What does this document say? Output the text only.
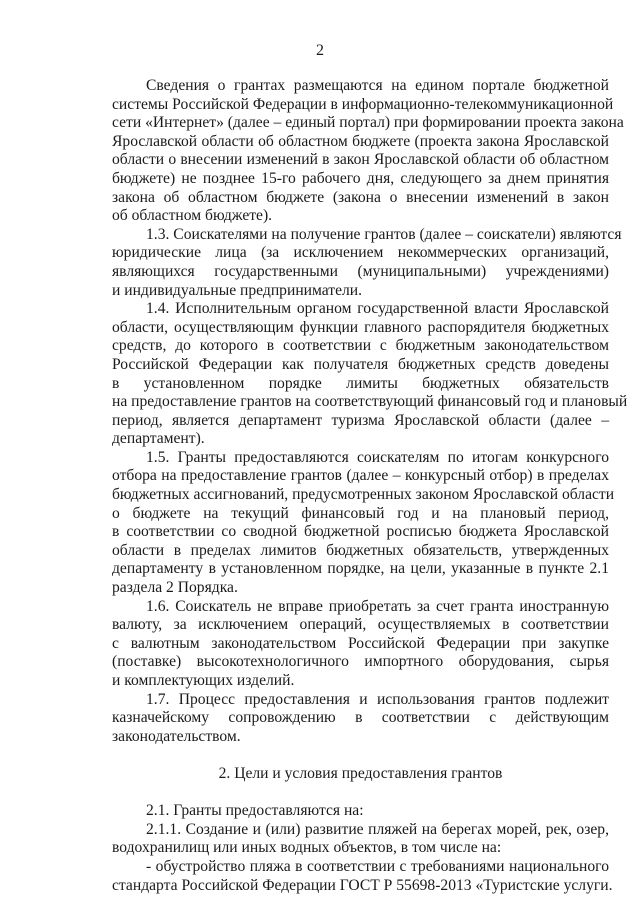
2
Сведения о грантах размещаются на едином портале бюджетной
системы Российской Федерации в информационно-телекоммуникационной
сети «Интернет» (далее – единый портал) при формировании проекта закона
Ярославской области об областном бюджете (проекта закона Ярославской
области о внесении изменений в закон Ярославской области об областном
бюджете) не позднее 15-го рабочего дня, следующего за днем принятия
закона об областном бюджете (закона о внесении изменений в закон
об областном бюджете).
1.3. Соискателями на получение грантов (далее – соискатели) являются
юридические лица (за исключением некоммерческих организаций,
являющихся государственными (муниципальными) учреждениями)
и индивидуальные предприниматели.
1.4. Исполнительным органом государственной власти Ярославской
области, осуществляющим функции главного распорядителя бюджетных
средств, до которого в соответствии с бюджетным законодательством
Российской Федерации как получателя бюджетных средств доведены
в установленном порядке лимиты бюджетных обязательств
на предоставление грантов на соответствующий финансовый год и плановый
период, является департамент туризма Ярославской области (далее –
департамент).
1.5. Гранты предоставляются соискателям по итогам конкурсного
отбора на предоставление грантов (далее – конкурсный отбор) в пределах
бюджетных ассигнований, предусмотренных законом Ярославской области
о бюджете на текущий финансовый год и на плановый период,
в соответствии со сводной бюджетной росписью бюджета Ярославской
области в пределах лимитов бюджетных обязательств, утвержденных
департаменту в установленном порядке, на цели, указанные в пункте 2.1
раздела 2 Порядка.
1.6. Соискатель не вправе приобретать за счет гранта иностранную
валюту, за исключением операций, осуществляемых в соответствии
с валютным законодательством Российской Федерации при закупке
(поставке) высокотехнологичного импортного оборудования, сырья
и комплектующих изделий.
1.7. Процесс предоставления и использования грантов подлежит
казначейскому сопровождению в соответствии с действующим
законодательством.
2. Цели и условия предоставления грантов
2.1. Гранты предоставляются на:
2.1.1. Создание и (или) развитие пляжей на берегах морей, рек, озер,
водохранилищ или иных водных объектов, в том числе на:
- обустройство пляжа в соответствии с требованиями национального
стандарта Российской Федерации ГОСТ Р 55698-2013 «Туристские услуги.
